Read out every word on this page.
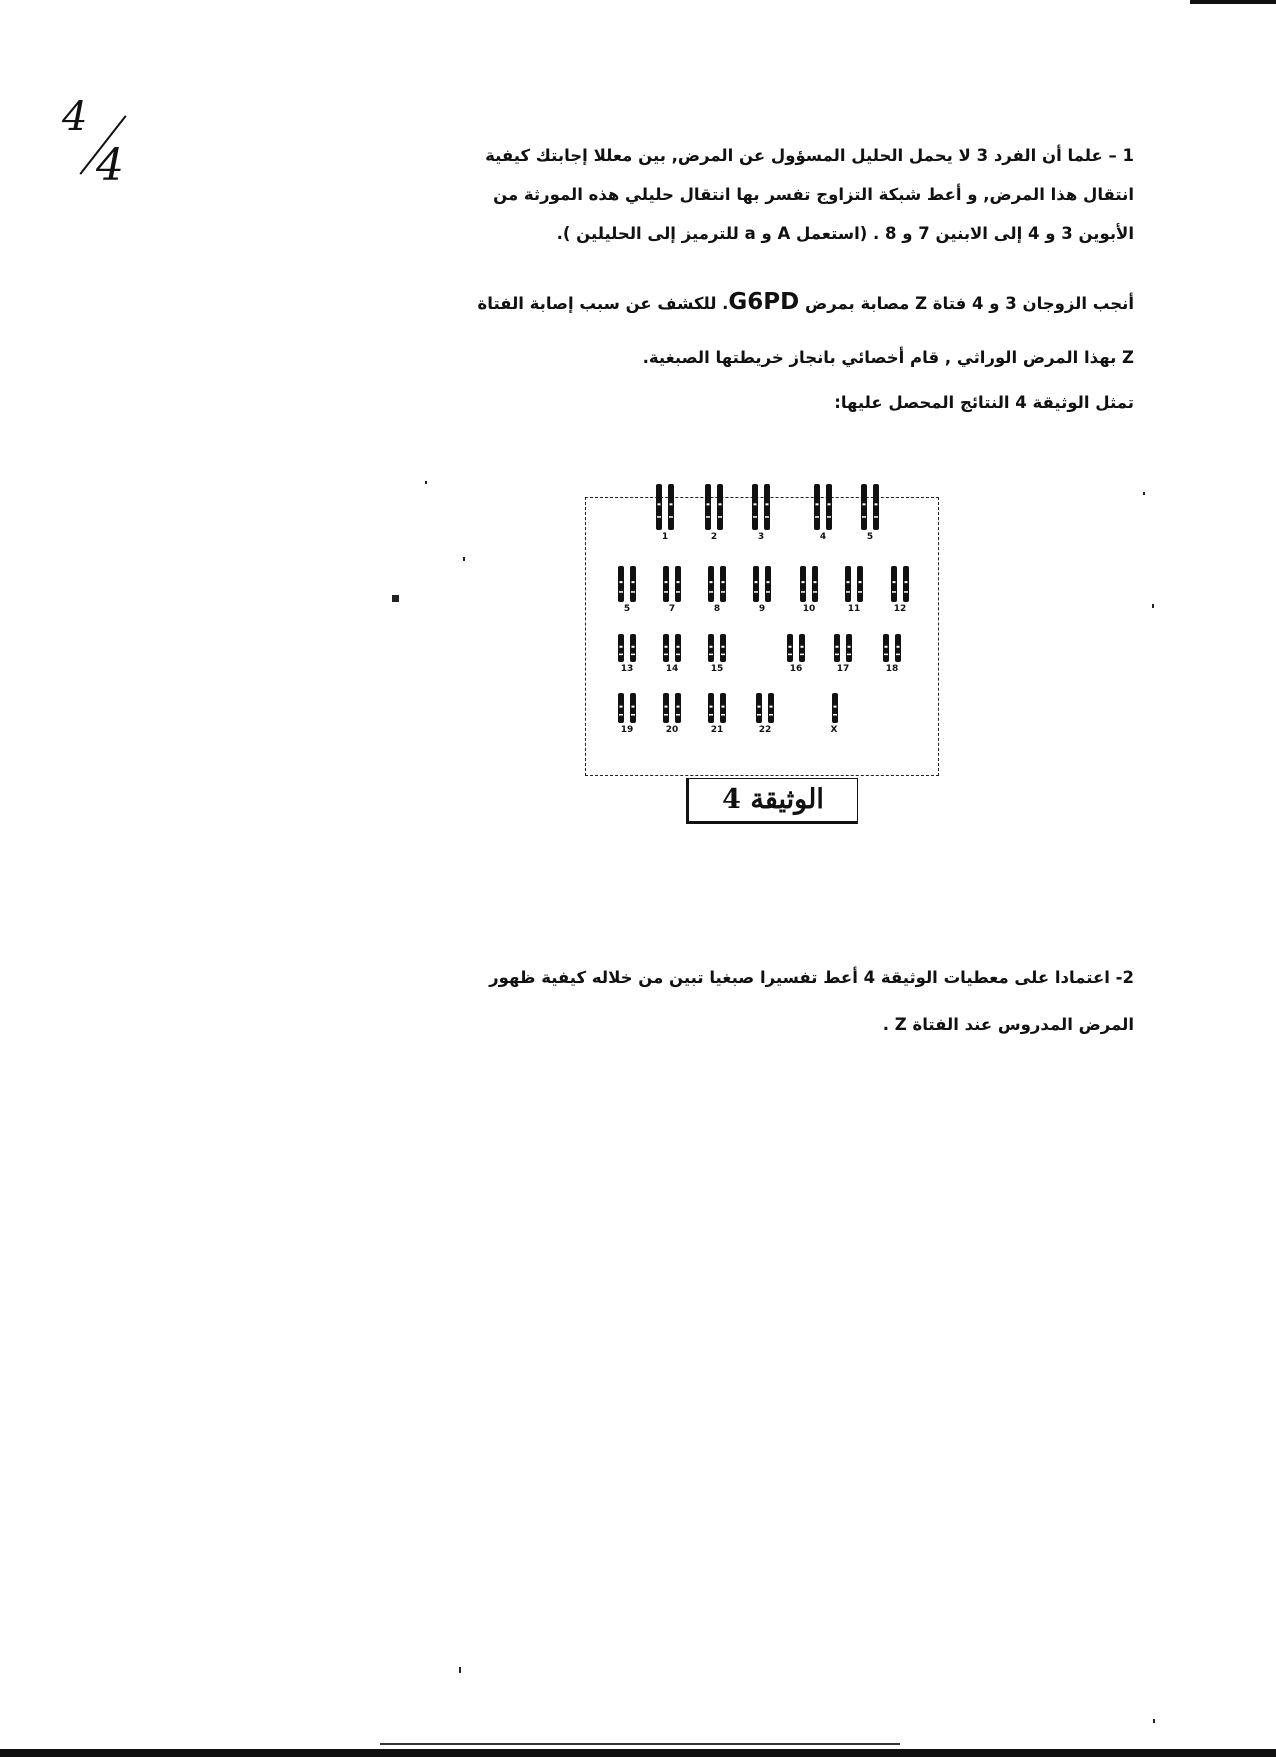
4
4	1 – علما أن الفرد 3 لا يحمل الحليل المسؤول عن المرض, بين معللا إجابتك كيفية
انتقال هذا المرض, و أعط شبكة التزاوج تفسر بها انتقال حليلي هذه المورثة من
الأبوين 3 و 4 إلى الابنين 7 و 8 . (استعمل A و a للترميز إلى الحليلين ).
أنجب الزوجان 3 و 4 فتاة Z مصابة بمرض G6PD. للكشف عن سبب إصابة الفتاة
Z بهذا المرض الوراثي , قام أخصائي بانجاز خريطتها الصبغية.
تمثل الوثيقة 4 النتائج المحصل عليها:
1	2	3	4	5
5	7	8	9	10	11	12
13	14	15	16	17	18
19	20	21	22	X
الوثيقة 4
2- اعتمادا على معطيات الوثيقة 4 أعط تفسيرا صبغيا تبين من خلاله كيفية ظهور
المرض المدروس عند الفتاة Z .
